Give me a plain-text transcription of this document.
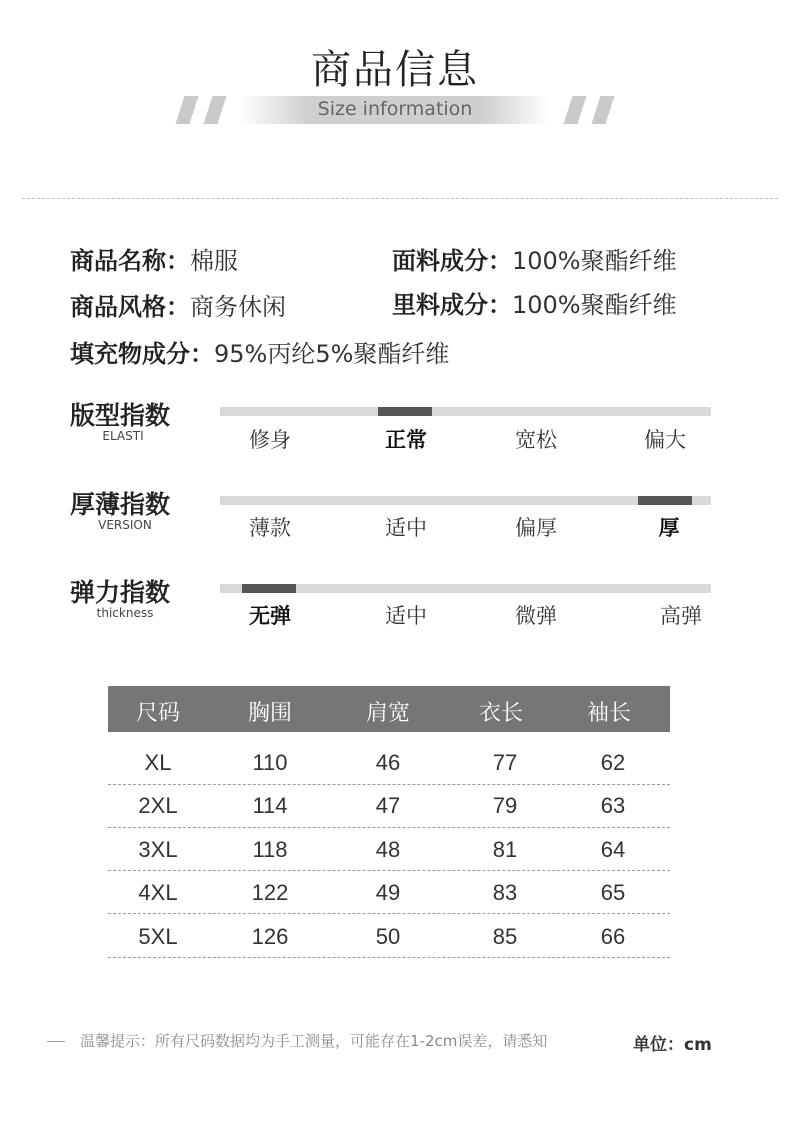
商品信息
Size information
商品名称：棉服
商品风格：商务休闲
填充物成分：95%丙纶5%聚酯纤维
面料成分：100%聚酯纤维
里料成分：100%聚酯纤维
版型指数
ELASTI	修身	正常	宽松	偏大
厚薄指数
VERSION	薄款	适中	偏厚	厚
弹力指数
thickness	无弹	适中	微弹	高弹
尺码	胸围	肩宽	衣长	袖长
XL	110	46	77	62
2XL	114	47	79	63
3XL	118	48	81	64
4XL	122	49	83	65
5XL	126	50	85	66
温馨提示：所有尺码数据均为手工测量，可能存在1-2cm误差，请悉知	单位：cm
